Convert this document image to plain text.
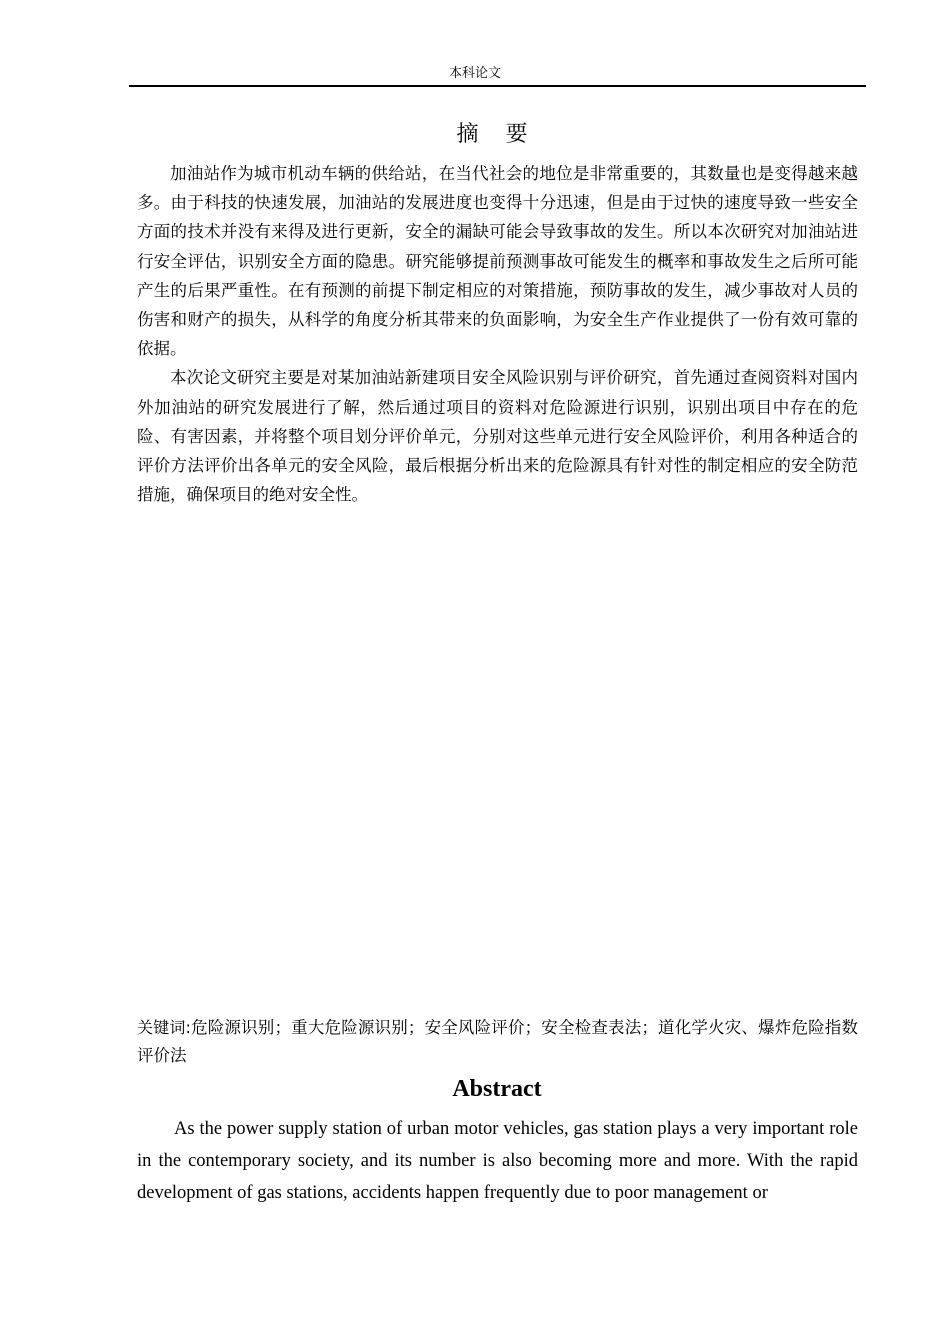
本科论文
摘 要

加油站作为城市机动车辆的供给站，在当代社会的地位是非常重要的，其数量也是变得越来越多。由于科技的快速发展，加油站的发展进度也变得十分迅速，但是由于过快的速度导致一些安全方面的技术并没有来得及进行更新，安全的漏缺可能会导致事故的发生。所以本次研究对加油站进行安全评估，识别安全方面的隐患。研究能够提前预测事故可能发生的概率和事故发生之后所可能产生的后果严重性。在有预测的前提下制定相应的对策措施，预防事故的发生，减少事故对人员的伤害和财产的损失，从科学的角度分析其带来的负面影响，为安全生产作业提供了一份有效可靠的依据。

本次论文研究主要是对某加油站新建项目安全风险识别与评价研究，首先通过查阅资料对国内外加油站的研究发展进行了解，然后通过项目的资料对危险源进行识别，识别出项目中存在的危险、有害因素，并将整个项目划分评价单元，分别对这些单元进行安全风险评价，利用各种适合的评价方法评价出各单元的安全风险，最后根据分析出来的危险源具有针对性的制定相应的安全防范措施，确保项目的绝对安全性。

关键词:危险源识别；重大危险源识别；安全风险评价；安全检查表法；道化学火灾、爆炸危险指数评价法
Abstract

As the power supply station of urban motor vehicles, gas station plays a very important role in the contemporary society, and its number is also becoming more and more. With the rapid development of gas stations, accidents happen frequently due to poor management or
